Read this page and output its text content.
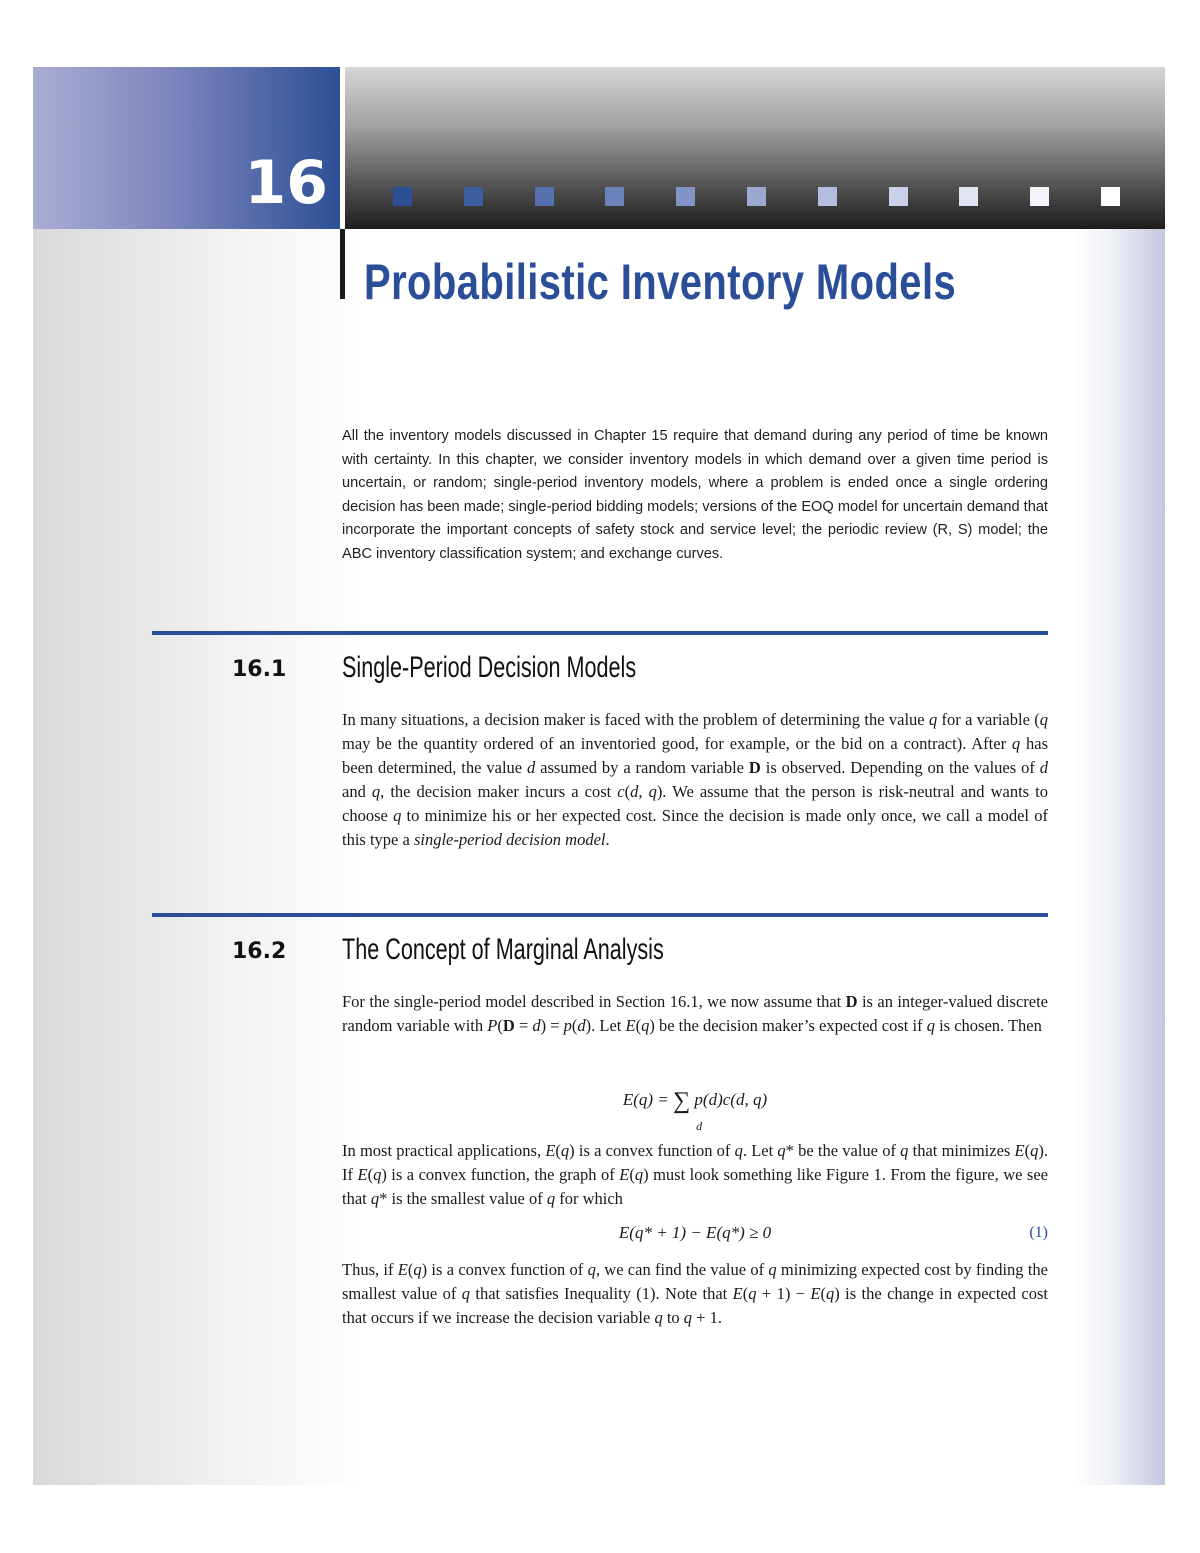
16
Probabilistic Inventory Models

All the inventory models discussed in Chapter 15 require that demand during any period of time be known with certainty. In this chapter, we consider inventory models in which demand over a given time period is uncertain, or random; single-period inventory models, where a problem is ended once a single ordering decision has been made; single-period bidding models; versions of the EOQ model for uncertain demand that incorporate the important concepts of safety stock and service level; the periodic review (R, S) model; the ABC inventory classification system; and exchange curves.

16.1	Single-Period Decision Models

In many situations, a decision maker is faced with the problem of determining the value q for a variable (q may be the quantity ordered of an inventoried good, for example, or the bid on a contract). After q has been determined, the value d assumed by a random variable D is observed. Depending on the values of d and q, the decision maker incurs a cost c(d, q). We assume that the person is risk-neutral and wants to choose q to minimize his or her expected cost. Since the decision is made only once, we call a model of this type a single-period decision model.

16.2	The Concept of Marginal Analysis

For the single-period model described in Section 16.1, we now assume that D is an integer-valued discrete random variable with P(D = d) = p(d). Let E(q) be the decision maker’s expected cost if q is chosen. Then

E(q) = ∑
d
p(d)c(d, q)

In most practical applications, E(q) is a convex function of q. Let q* be the value of q that minimizes E(q). If E(q) is a convex function, the graph of E(q) must look something like Figure 1. From the figure, we see that q* is the smallest value of q for which

E(q* + 1) − E(q*) ≥ 0	(1)

Thus, if E(q) is a convex function of q, we can find the value of q minimizing expected cost by finding the smallest value of q that satisfies Inequality (1). Note that E(q + 1) − E(q) is the change in expected cost that occurs if we increase the decision variable q to q + 1.
